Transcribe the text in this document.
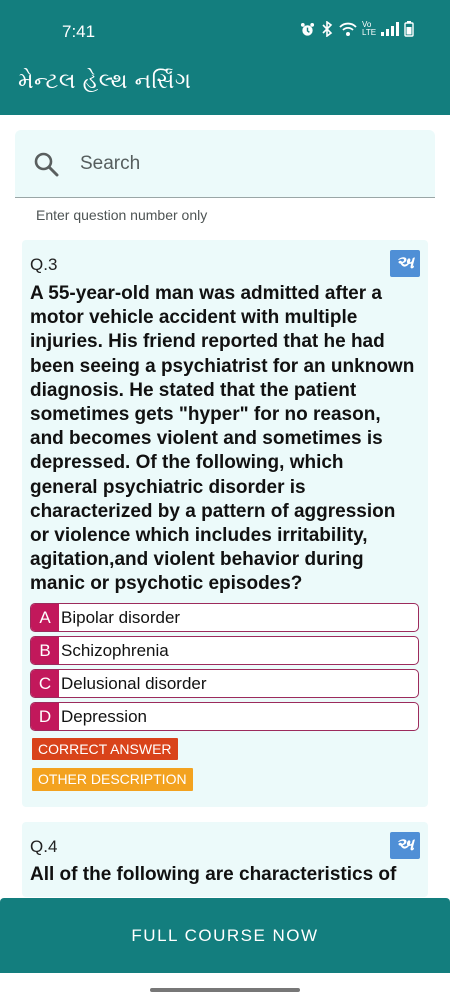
7:41	Vo LTE
મેન્ટલ હેલ્થ નર્સિંગ
Search
Enter question number only
Q.3	અ
A 55-year-old man was admitted after a motor vehicle accident with multiple injuries. His friend reported that he had been seeing a psychiatrist for an unknown diagnosis. He stated that the patient sometimes gets "hyper" for no reason, and becomes violent and sometimes is depressed. Of the following, which general psychiatric disorder is characterized by a pattern of aggression or violence which includes irritability, agitation,and violent behavior during manic or psychotic episodes?
A Bipolar disorder
B Schizophrenia
C Delusional disorder
D Depression
CORRECT ANSWER
OTHER DESCRIPTION
Q.4	અ
All of the following are characteristics of
FULL COURSE NOW
